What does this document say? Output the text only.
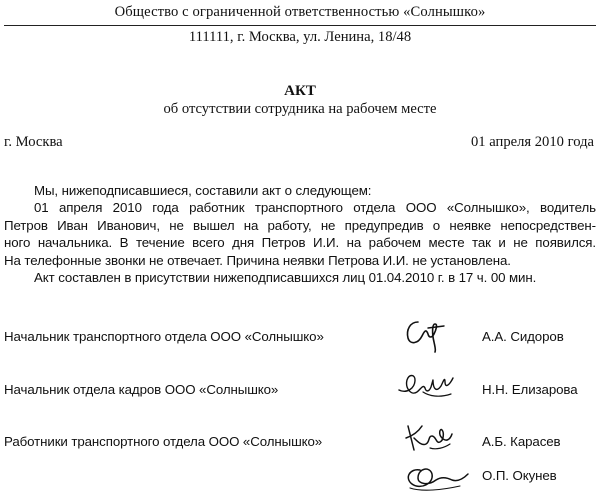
Общество с ограниченной ответственностью «Солнышко»
111111, г. Москва, ул. Ленина, 18/48
АКТ
об отсутствии сотрудника на рабочем месте
г. Москва	01 апреля 2010 года

Мы, нижеподписавшиеся, составили акт о следующем:

01 апреля 2010 года работник транспортного отдела ООО «Солнышко», водитель

Петров Иван Иванович, не вышел на работу, не предупредив о неявке непосредствен-

ного начальника. В течение всего дня Петров И.И. на рабочем месте так и не появился.

На телефонные звонки не отвечает. Причина неявки Петрова И.И. не установлена.

Акт составлен в присутствии нижеподписавшихся лиц 01.04.2010 г. в 17 ч. 00 мин.

Начальник транспортного отдела ООО «Солнышко»	А.А. Сидоров
Начальник отдела кадров ООО «Солнышко»	Н.Н. Елизарова
Работники транспортного отдела ООО «Солнышко»	А.Б. Карасев
О.П. Окунев
